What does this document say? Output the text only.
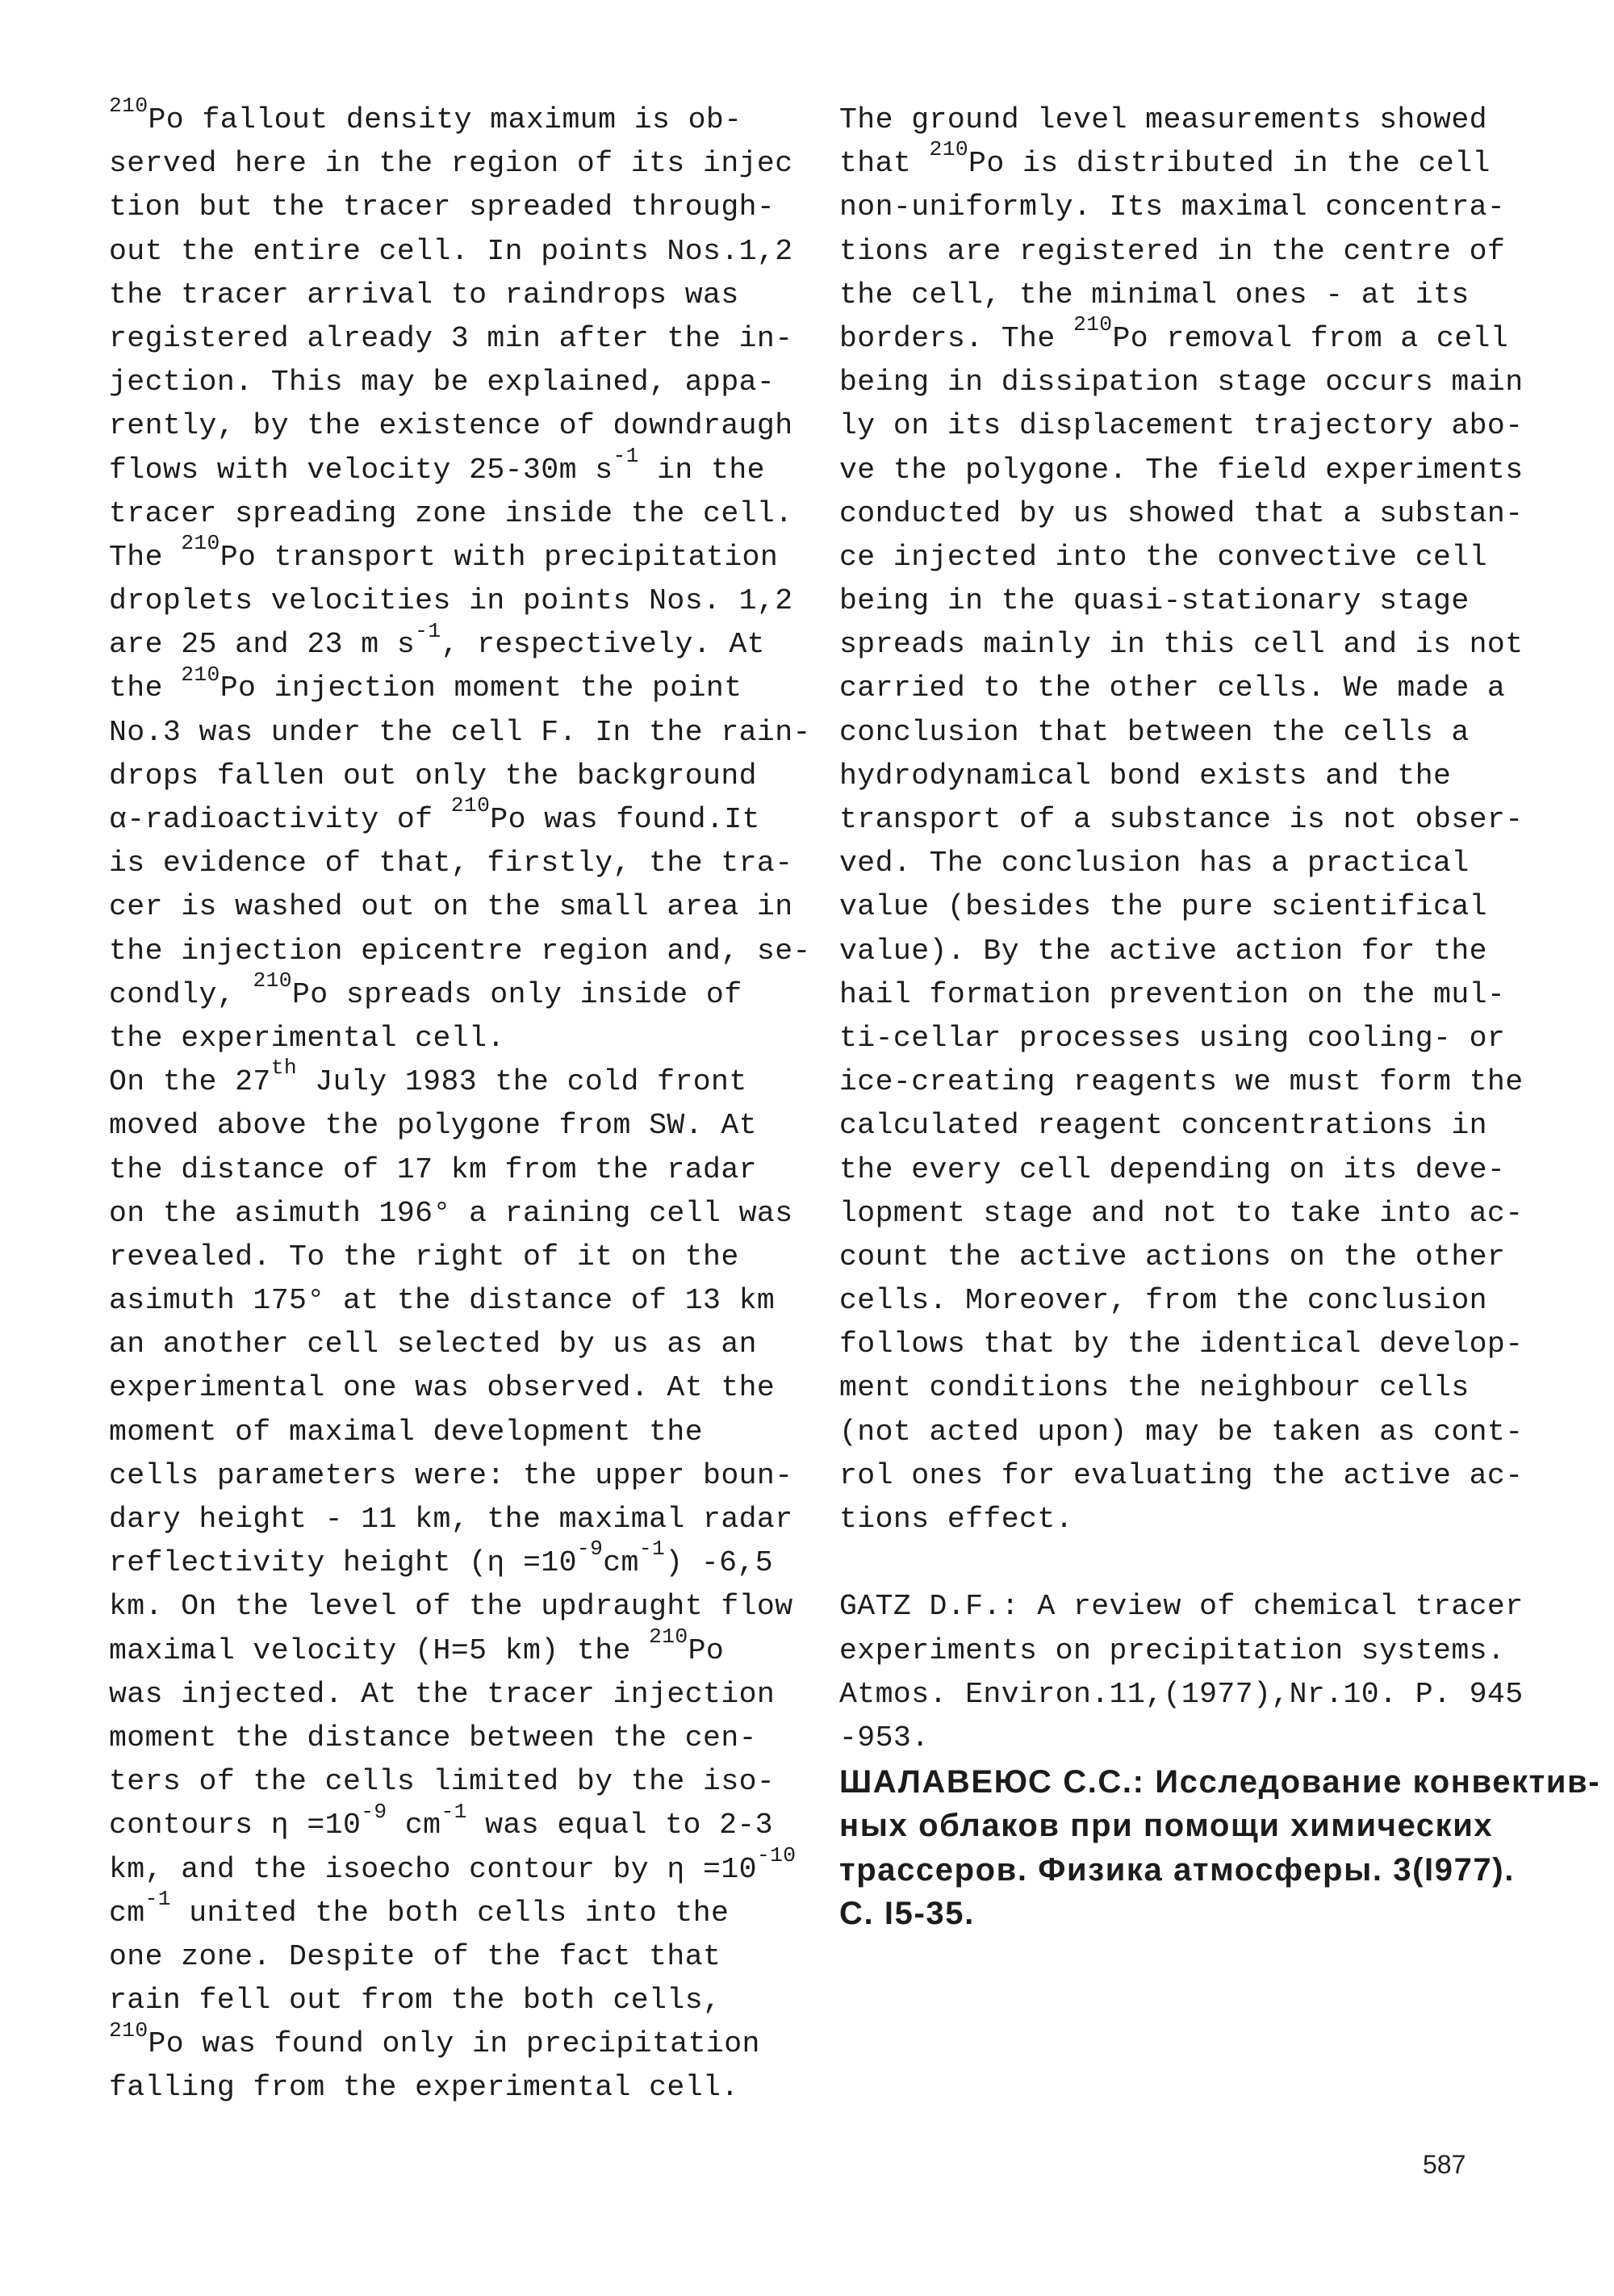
$^{210}$Po fallout density maximum is ob-
served here in the region of its injec
tion but the tracer spreaded through-
out the entire cell. In points Nos.1,2
the tracer arrival to raindrops was
registered already 3 min after the in-
jection. This may be explained, appa-
rently, by the existence of downdraugh
flows with velocity 25-30m $s^{-1}$ in the
tracer spreading zone inside the cell.
The $^{210}$Po transport with precipitation
droplets velocities in points Nos. 1,2
are 25 and 23 m $s^{-1}$, respectively. At
the $^{210}$Po injection moment the point
No.3 was under the cell F. In the rain-
drops fallen out only the background
α-radioactivity of $^{210}$Po was found.It
is evidence of that, firstly, the tra-
cer is washed out on the small area in
the injection epicentre region and, se-
condly, $^{210}$Po spreads only inside of
the experimental cell.
On the 27th July 1983 the cold front
moved above the polygone from SW. At
the distance of 17 km from the radar
on the asimuth 196° a raining cell was
revealed. To the right of it on the
asimuth 175° at the distance of 13 km
an another cell selected by us as an
experimental one was observed. At the
moment of maximal development the
cells parameters were: the upper boun-
dary height - 11 km, the maximal radar
reflectivity height $(\eta =10^{-9}cm^{-1})$ -6,5
km. On the level of the updraught flow
maximal velocity (H=5 km) the $^{210}$Po
was injected. At the tracer injection
moment the distance between the cen-
ters of the cells limited by the iso-
contours $\eta =10^{-9}$ $cm^{-1}$ was equal to 2-3
km, and the isoecho contour by $\eta =10^{-10}$
$cm^{-1}$ united the both cells into the
one zone. Despite of the fact that
rain fell out from the both cells,
$^{210}$Po was found only in precipitation
falling from the experimental cell.
The ground level measurements showed
that $^{210}$Po is distributed in the cell
non-uniformly. Its maximal concentra-
tions are registered in the centre of
the cell, the minimal ones - at its
borders. The $^{210}$Po removal from a cell
being in dissipation stage occurs main
ly on its displacement trajectory abo-
ve the polygone. The field experiments
conducted by us showed that a substan-
ce injected into the convective cell
being in the quasi-stationary stage
spreads mainly in this cell and is not
carried to the other cells. We made a
conclusion that between the cells a
hydrodynamical bond exists and the
transport of a substance is not obser-
ved. The conclusion has a practical
value (besides the pure scientifical
value). By the active action for the
hail formation prevention on the mul-
ti-cellar processes using cooling- or
ice-creating reagents we must form the
calculated reagent concentrations in
the every cell depending on its deve-
lopment stage and not to take into ac-
count the active actions on the other
cells. Moreover, from the conclusion
follows that by the identical develop-
ment conditions the neighbour cells
(not acted upon) may be taken as cont-
rol ones for evaluating the active ac-
tions effect.
GATZ D.F.: A review of chemical tracer
experiments on precipitation systems.
Atmos. Environ.11,(1977),Nr.10. P. 945
-953.
ШАЛАВЕЮС С.С.: Исследование конвектив-
ных облаков при помощи химических
трассеров. Физика атмосферы. 3(I977).
С. I5-35.
587
